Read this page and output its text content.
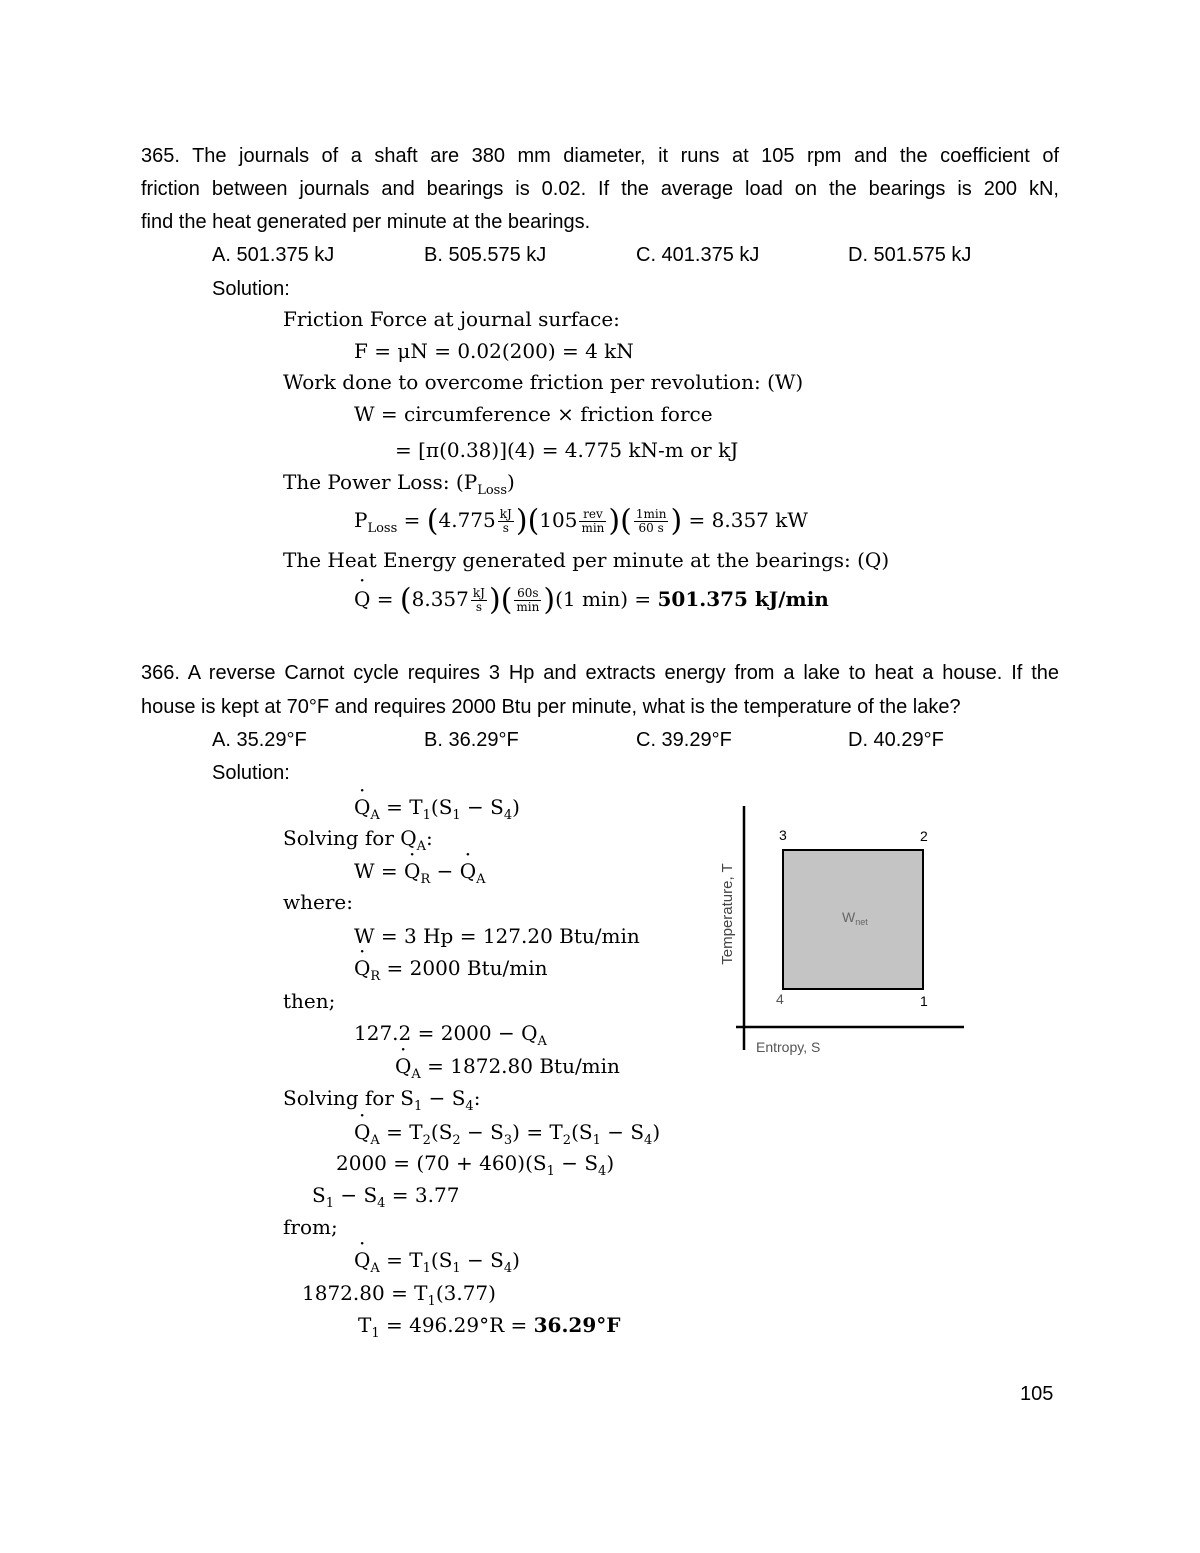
365. The journals of a shaft are 380 mm diameter, it runs at 105 rpm and the coefficient of
friction between journals and bearings is 0.02. If the average load on the bearings is 200 kN,
find the heat generated per minute at the bearings.
A. 501.375 kJ	B. 505.575 kJ	C. 401.375 kJ	D. 501.575 kJ
Solution:
Friction Force at journal surface:
F = μN = 0.02(200) = 4 kN
Work done to overcome friction per revolution: (W)
W = circumference × friction force
= [π(0.38)](4) = 4.775 kN-m or kJ
The Power Loss: $(P_{Loss})$
$P_{Loss} = (4.775 \frac{kJ}{s} )(105 \frac{\text{rev}}{\min}$ )( $\frac{1\min}{60 s}$ ) = 8.357 kW
The Heat Energy generated per minute at the bearings: (Q)
· $Q = (8.357 \frac{kJ}{s}$ )( $\frac{60s}{\min} )(1$ min) = 501.375 kJ/min
366. A reverse Carnot cycle requires 3 Hp and extracts energy from a lake to heat a house. If the
house is kept at 70°F and requires 2000 Btu per minute, what is the temperature of the lake?
A. 35.29°F	B. 36.29°F	C. 39.29°F	D. 40.29°F
Solution:
· $Q_A = T_1(S_1 - S_4)$
Solving for $Q_A$:
W = · $Q_R$ − · $Q_A$
where:
W = 3 Hp = 127.20 Btu/min
· $Q_R = 2000$ Btu/min
then;
$127.2 = 2000 - Q_A$
· $Q_A = 1872.80$ Btu/min
Solving for $S_1 - S_4$:
· $Q_A = T_2(S_2 - S_3) = T_2(S_1 - S_4)$
$2000 = (70 + 460)(S_1 - S_4)$
$S_1 - S_4 = 3.77$
from;
· $Q_A = T_1(S_1 - S_4)$
$1872.80 = T_1(3.77)$
$T_1 = 496.29^\circ R = 36.29^\circ F$
Temperature, T
Entropy, S
3	2
4	1
$W_{net}$
105
